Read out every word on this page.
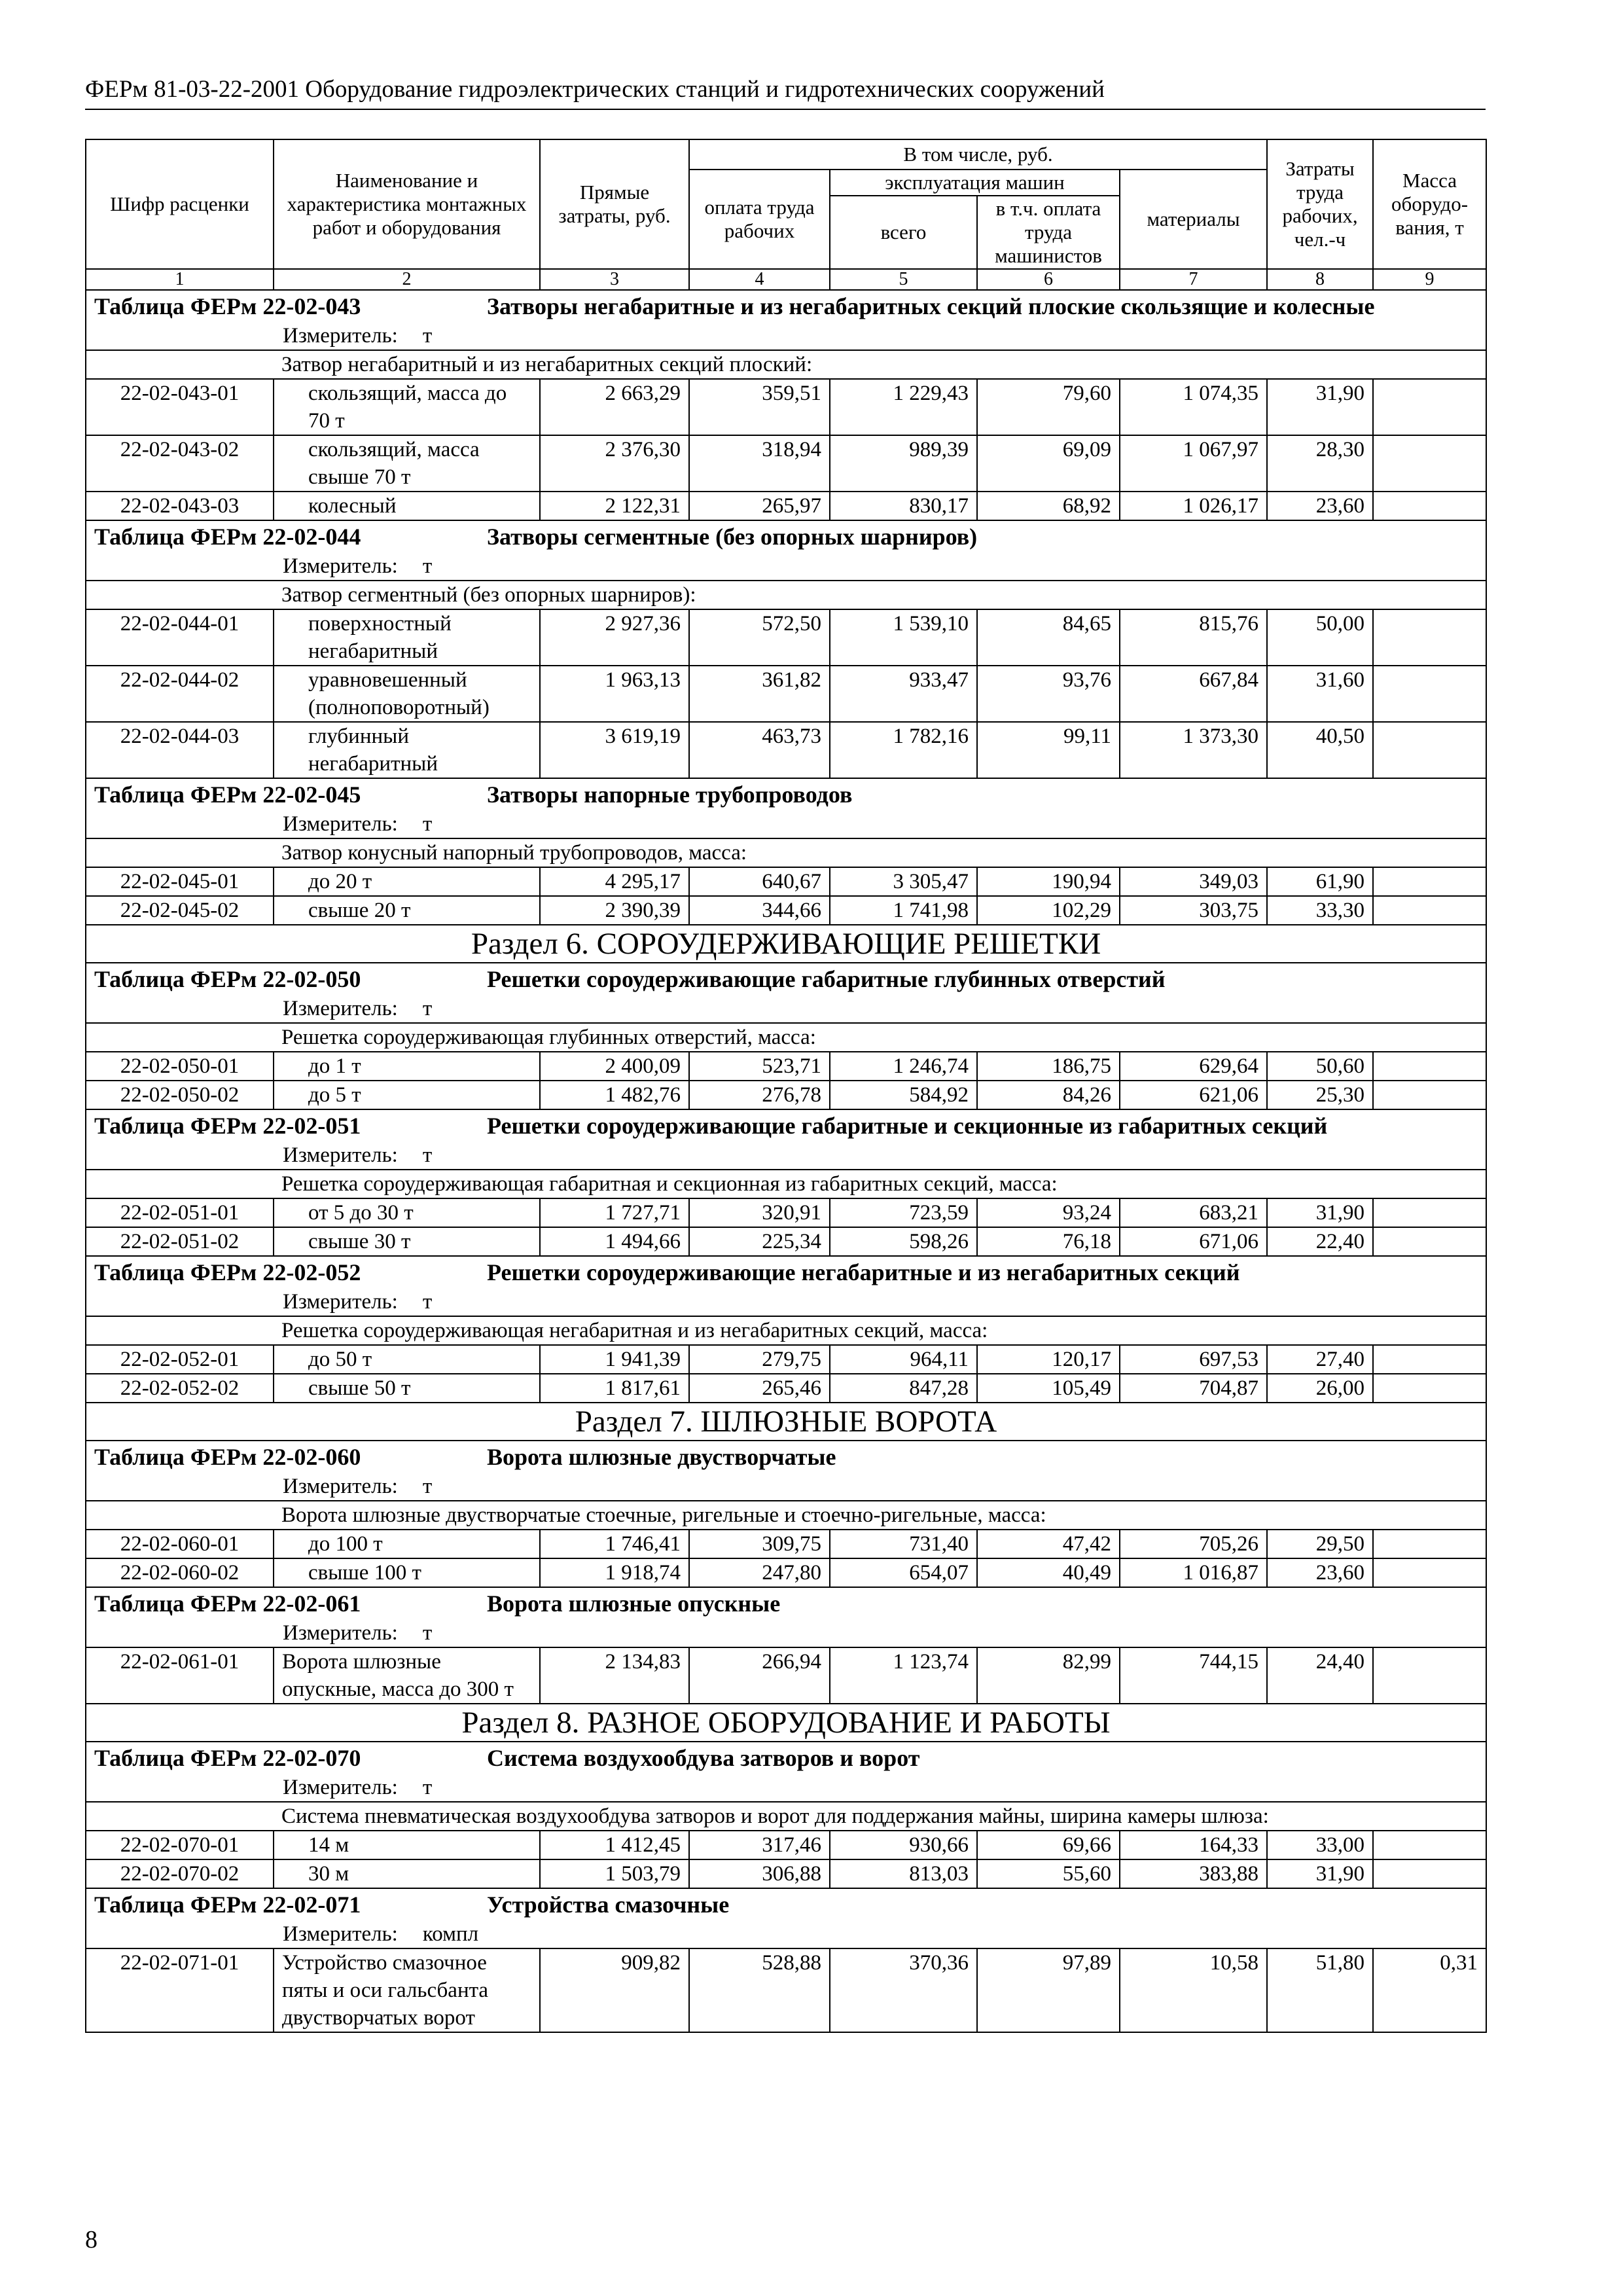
ФЕРм 81-03-22-2001 Оборудование гидроэлектрических станций и гидротехнических сооружений
Шифр расценки	Наименование и характеристика монтажных работ и оборудования	Прямые затраты, руб.	В том числе, руб.				Затраты труда рабочих, чел.-ч	Масса оборудо-вания, т
			оплата труда рабочих	эксплуатация машин		материалы		
				всего	в т.ч. оплата труда машинистов			
1	2	3	4	5	6	7	8	9

Таблица ФЕРм 22-02-043 Затворы негабаритные и из негабаритных секций плоские скользящие и колесные								

Измеритель: т								
Затвор негабаритный и из негабаритных секций плоский:								
22-02-043-01	скользящий, масса до 70 т	2 663,29	359,51	1 229,43	79,60	1 074,35	31,90	
22-02-043-02	скользящий, масса свыше 70 т	2 376,30	318,94	989,39	69,09	1 067,97	28,30	
22-02-043-03	колесный	2 122,31	265,97	830,17	68,92	1 026,17	23,60	

Таблица ФЕРм 22-02-044 Затворы сегментные (без опорных шарниров)								

Измеритель: т								
Затвор сегментный (без опорных шарниров):								
22-02-044-01	поверхностный негабаритный	2 927,36	572,50	1 539,10	84,65	815,76	50,00	
22-02-044-02	уравновешенный (полноповоротный)	1 963,13	361,82	933,47	93,76	667,84	31,60	
22-02-044-03	глубинный негабаритный	3 619,19	463,73	1 782,16	99,11	1 373,30	40,50	

Таблица ФЕРм 22-02-045 Затворы напорные трубопроводов								

Измеритель: т								
Затвор конусный напорный трубопроводов, масса:								
22-02-045-01	до 20 т	4 295,17	640,67	3 305,47	190,94	349,03	61,90	
22-02-045-02	свыше 20 т	2 390,39	344,66	1 741,98	102,29	303,75	33,30	
Раздел 6. СОРОУДЕРЖИВАЮЩИЕ РЕШЕТКИ								

Таблица ФЕРм 22-02-050 Решетки сороудерживающие габаритные глубинных отверстий								

Измеритель: т								
Решетка сороудерживающая глубинных отверстий, масса:								
22-02-050-01	до 1 т	2 400,09	523,71	1 246,74	186,75	629,64	50,60	
22-02-050-02	до 5 т	1 482,76	276,78	584,92	84,26	621,06	25,30	

Таблица ФЕРм 22-02-051 Решетки сороудерживающие габаритные и секционные из габаритных секций								

Измеритель: т								
Решетка сороудерживающая габаритная и секционная из габаритных секций, масса:								
22-02-051-01	от 5 до 30 т	1 727,71	320,91	723,59	93,24	683,21	31,90	
22-02-051-02	свыше 30 т	1 494,66	225,34	598,26	76,18	671,06	22,40	

Таблица ФЕРм 22-02-052 Решетки сороудерживающие негабаритные и из негабаритных секций								

Измеритель: т								
Решетка сороудерживающая негабаритная и из негабаритных секций, масса:								
22-02-052-01	до 50 т	1 941,39	279,75	964,11	120,17	697,53	27,40	
22-02-052-02	свыше 50 т	1 817,61	265,46	847,28	105,49	704,87	26,00	
Раздел 7. ШЛЮЗНЫЕ ВОРОТА								

Таблица ФЕРм 22-02-060 Ворота шлюзные двустворчатые								

Измеритель: т								
Ворота шлюзные двустворчатые стоечные, ригельные и стоечно-ригельные, масса:								
22-02-060-01	до 100 т	1 746,41	309,75	731,40	47,42	705,26	29,50	
22-02-060-02	свыше 100 т	1 918,74	247,80	654,07	40,49	1 016,87	23,60	

Таблица ФЕРм 22-02-061 Ворота шлюзные опускные								

Измеритель: т								
22-02-061-01	Ворота шлюзные опускные, масса до 300 т	2 134,83	266,94	1 123,74	82,99	744,15	24,40	
Раздел 8. РАЗНОЕ ОБОРУДОВАНИЕ И РАБОТЫ								

Таблица ФЕРм 22-02-070 Система воздухообдува затворов и ворот								

Измеритель: т								
Система пневматическая воздухообдува затворов и ворот для поддержания майны, ширина камеры шлюза:								
22-02-070-01	14 м	1 412,45	317,46	930,66	69,66	164,33	33,00	
22-02-070-02	30 м	1 503,79	306,88	813,03	55,60	383,88	31,90	

Таблица ФЕРм 22-02-071 Устройства смазочные								

Измеритель: компл								
22-02-071-01	Устройство смазочное пяты и оси гальсбанта двустворчатых ворот	909,82	528,88	370,36	97,89	10,58	51,80	0,31
8
